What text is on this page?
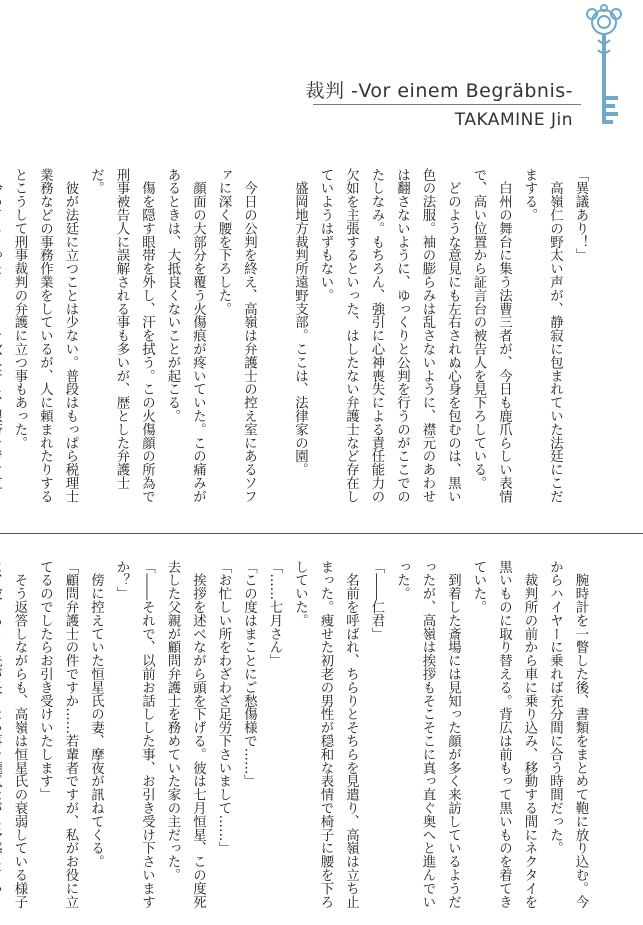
裁判 -Vor einem Begräbnis-
TAKAMINE Jin

「異議あり！」

　高嶺仁の野太い声が、静寂に包まれていた法廷にこだまする。

　白州の舞台に集う法曹三者が、今日も鹿爪らしい表情で、高い位置から証言台の被告人を見下ろしている。

　どのような意見にも左右されぬ心身を包むのは、黒い色の法服。袖の膨らみは乱さないように、襟元のあわせは翻さないように、ゆっくりと公判を行うのがここでのたしなみ。もちろん、強引に心神喪失による責任能力の欠如を主張するといった、はしたない弁護士など存在していようはずもない。

　盛岡地方裁判所遠野支部。ここは、法律家の園。

　今日の公判を終え、高嶺は弁護士の控え室にあるソファに深く腰を下ろした。

　顔面の大部分を覆う火傷痕が疼いていた。この痛みがあるときは、大抵良くないことが起こる。

　傷を隠す眼帯を外し、汗を拭う。この火傷顔の所為で刑事被告人に誤解される事も多いが、歴とした弁護士だ。

　彼が法廷に立つことは少ない。普段はもっぱら税理士業務などの事務作業をしているが、人に頼まれたりするとこうして刑事裁判の弁護に立つ事もあった。

　腕時計を一瞥した後、書類をまとめて鞄に放り込む。今からハイヤーに乗れば充分間に合う時間だった。

　裁判所の前から車に乗り込み、移動する間にネクタイを黒いものに取り替える。背広は前もって黒いものを着てきていた。

　到着した斎場には見知った顔が多く来訪しているようだったが、高嶺は挨拶もそこそこに真っ直ぐ奥へと進んでいった。

「――仁君」

　名前を呼ばれ、ちらりとそちらを見遣り、高嶺は立ち止まった。痩せた初老の男性が穏和な表情で椅子に腰を下ろしていた。

「……七月さん」

「この度はまことにご愁傷様で……」

「お忙しい所をわざわざ足労下さいまして……」

　挨拶を述べながら頭を下げる。彼は七月恒星、この度死去した父親が顧問弁護士を務めていた家の主だった。

「――それで、以前お話しした事、お引き受け下さいますか？」

　傍に控えていた恒星氏の妻、摩夜が訊ねてくる。

「顧問弁護士の件ですか……若輩者ですが、私がお役に立てるのでしたらお引き受けいたします」

　そう返答しながらも、高嶺は恒星氏の衰弱している様子
